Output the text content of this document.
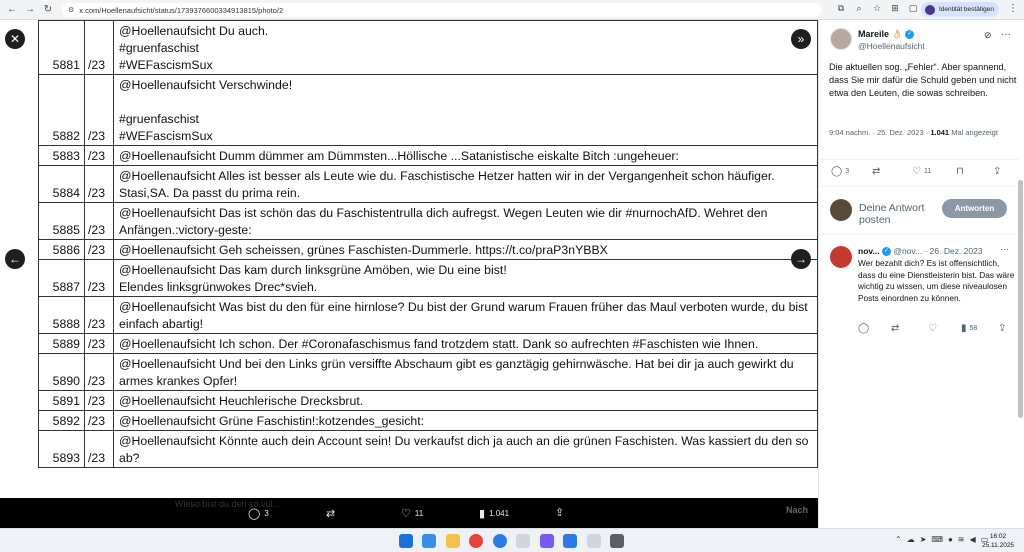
← → ↻ ⚙ x.com/Hoellenaufsicht/status/1739376600334913815/photo/2	⧉	⌕	☆ ⊞ ▢	Identität bestätigen ⋮
5881	/23	@Hoellenaufsicht Du auch.
#gruenfaschist
#WEFascismSux
5882	/23	@Hoellenaufsicht Verschwinde!

#gruenfaschist
#WEFascismSux
5883	/23	@Hoellenaufsicht Dumm dümmer am Dümmsten...Höllische ...Satanistische eiskalte Bitch :ungeheuer:
5884	/23	@Hoellenaufsicht Alles ist besser als Leute wie du. Faschistische Hetzer hatten wir in der Vergangenheit schon häufiger. Stasi,SA. Da passt du prima rein.
5885	/23	@Hoellenaufsicht Das ist schön das du Faschistentrulla dich aufregst. Wegen Leuten wie dir #nurnochAfD. Wehret den Anfängen.:victory-geste:
5886	/23	@Hoellenaufsicht Geh scheissen, grünes Faschisten-Dummerle. https://t.co/praP3nYBBX
5887	/23	@Hoellenaufsicht Das kam durch linksgrüne Amöben, wie Du eine bist!
Elendes linksgrünwokes Drec*svieh.
5888	/23	@Hoellenaufsicht Was bist du den für eine hirnlose? Du bist der Grund warum Frauen früher das Maul verboten wurde, du bist einfach abartig!
5889	/23	@Hoellenaufsicht Ich schon. Der #Coronafaschismus fand trotzdem statt. Dank so aufrechten #Faschisten wie Ihnen.
5890	/23	@Hoellenaufsicht Und bei den Links grün versiffte Abschaum gibt es ganztägig gehirnwäsche. Hat bei dir ja auch gewirkt du armes krankes Opfer!
5891	/23	@Hoellenaufsicht Heuchlerische Drecksbrut.
5892	/23	@Hoellenaufsicht Grüne Faschistin!:kotzendes_gesicht:
5893	/23	@Hoellenaufsicht Könnte auch dein Account sein! Du verkaufst dich ja auch an die grünen Faschisten. Was kassiert du den so ab?
✕	»
←	→
Wieso bist du den so vul...
Nach
◯ 3	⇄	♡ 11	▮ 1.041	⇪
Mareile 👌🏻 ✓
@Hoellenaufsicht
⊘ ···
Die aktuellen sog. „Fehler“. Aber spannend, dass Sie mir dafür die Schuld geben und nicht etwa den Leuten, die sowas schreiben.
9:04 nachm. · 25. Dez. 2023 · 1.041 Mal angezeigt
◯ 3 ⇄	♡ 11 ⊓	⇪
Deine Antwort posten
Antworten
nov... ✓ @nov... · 26. Dez. 2023 ···
Wer bezahlt dich? Es ist offensichtlich, dass du eine Dienstleisterin bist. Das wäre wichtig zu wissen, um diese niveaulosen Posts einordnen zu können.
◯ ⇄	♡ ▮ 58 ⇪
⌃ ☁ ➤ ⌨ ● ≋ ◀ ▭ 16:02
25.11.2025
